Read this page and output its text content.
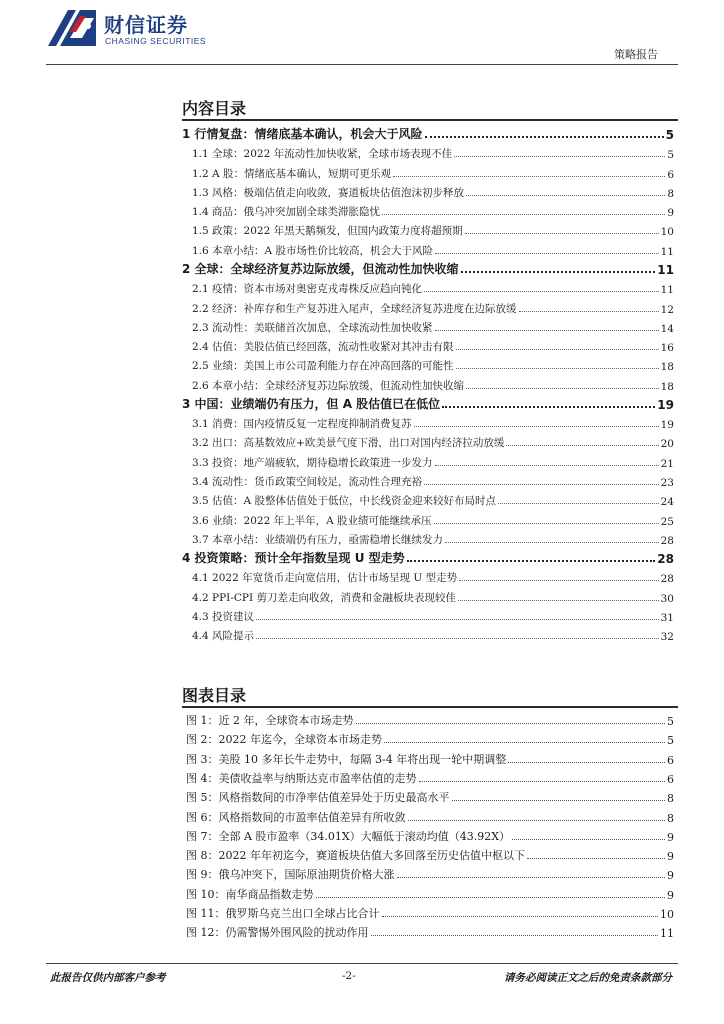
财信证券
CHASING SECURITIES
策略报告
内容目录
1 行情复盘：情绪底基本确认，机会大于风险	5
1.1 全球：2022 年流动性加快收紧，全球市场表现不佳	5
1.2 A 股：情绪底基本确认，短期可更乐观	6
1.3 风格：极端估值走向收敛，赛道板块估值泡沫初步释放	8
1.4 商品：俄乌冲突加剧全球类滞胀隐忧	9
1.5 政策：2022 年黑天鹅频发，但国内政策力度将超预期	10
1.6 本章小结：A 股市场性价比较高，机会大于风险	11
2 全球：全球经济复苏边际放缓，但流动性加快收缩	11
2.1 疫情：资本市场对奥密克戎毒株反应趋向钝化	11
2.2 经济：补库存和生产复苏进入尾声，全球经济复苏进度在边际放缓	12
2.3 流动性：美联储首次加息，全球流动性加快收紧	14
2.4 估值：美股估值已经回落，流动性收紧对其冲击有限	16
2.5 业绩：美国上市公司盈利能力存在冲高回落的可能性	18
2.6 本章小结：全球经济复苏边际放缓，但流动性加快收缩	18
3 中国：业绩端仍有压力，但 A 股估值已在低位	19
3.1 消费：国内疫情反复一定程度抑制消费复苏	19
3.2 出口：高基数效应+欧美景气度下滑，出口对国内经济拉动放缓	20
3.3 投资：地产端疲软，期待稳增长政策进一步发力	21
3.4 流动性：货币政策空间较足，流动性合理充裕	23
3.5 估值：A 股整体估值处于低位，中长线资金迎来较好布局时点	24
3.6 业绩：2022 年上半年，A 股业绩可能继续承压	25
3.7 本章小结：业绩端仍有压力，亟需稳增长继续发力	28
4 投资策略：预计全年指数呈现 U 型走势	28
4.1 2022 年宽货币走向宽信用，估计市场呈现 U 型走势	28
4.2 PPI-CPI 剪刀差走向收敛，消费和金融板块表现较佳	30
4.3 投资建议	31
4.4 风险提示	32
图表目录
图 1：近 2 年，全球资本市场走势	5
图 2：2022 年迄今，全球资本市场走势	5
图 3：美股 10 多年长牛走势中，每隔 3-4 年将出现一轮中期调整	6
图 4：美债收益率与纳斯达克市盈率估值的走势	6
图 5：风格指数间的市净率估值差异处于历史最高水平	8
图 6：风格指数间的市盈率估值差异有所收敛	8
图 7：全部 A 股市盈率（34.01X）大幅低于滚动均值（43.92X）	9
图 8：2022 年年初迄今，赛道板块估值大多回落至历史估值中枢以下	9
图 9：俄乌冲突下，国际原油期货价格大涨	9
图 10：南华商品指数走势	9
图 11：俄罗斯乌克兰出口全球占比合计	10
图 12：仍需警惕外围风险的扰动作用	11
此报告仅供内部客户参考	-2-	请务必阅读正文之后的免责条款部分
